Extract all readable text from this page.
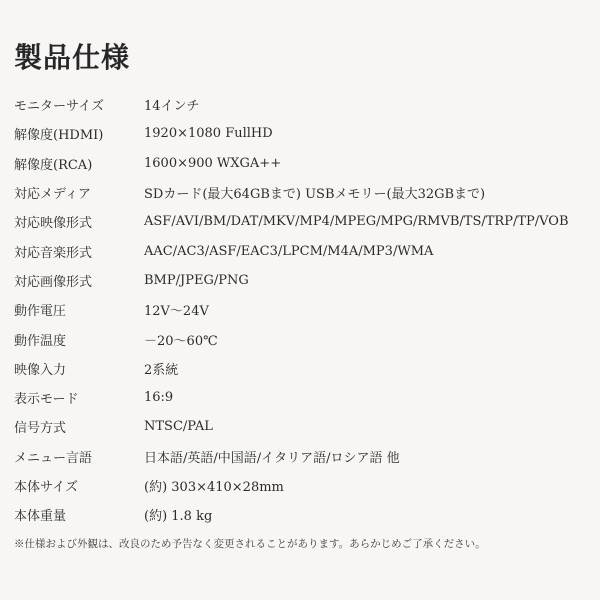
製品仕様
モニターサイズ	14インチ
解像度(HDMI)	1920×1080 FullHD
解像度(RCA)	1600×900 WXGA++
対応メディア	SDカード(最大64GBまで) USBメモリー(最大32GBまで)
対応映像形式	ASF/AVI/BM/DAT/MKV/MP4/MPEG/MPG/RMVB/TS/TRP/TP/VOB
対応音楽形式	AAC/AC3/ASF/EAC3/LPCM/M4A/MP3/WMA
対応画像形式	BMP/JPEG/PNG
動作電圧	12V～24V
動作温度	－20～60℃
映像入力	2系統
表示モード	16:9
信号方式	NTSC/PAL
メニュー言語	日本語/英語/中国語/イタリア語/ロシア語 他
本体サイズ	(約) 303×410×28mm
本体重量	(約) 1.8 kg
※仕様および外観は、改良のため予告なく変更されることがあります。あらかじめご了承ください。
